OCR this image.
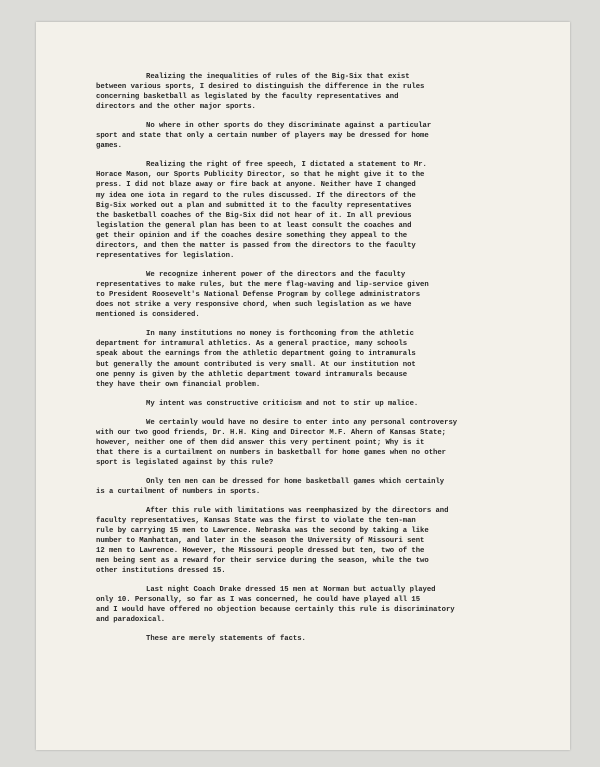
Realizing the inequalities of rules of the Big-Six that exist
between various sports, I desired to distinguish the difference in the rules
concerning basketball as legislated by the faculty representatives and
directors and the other major sports.
No where in other sports do they discriminate against a particular
sport and state that only a certain number of players may be dressed for home
games.
Realizing the right of free speech, I dictated a statement to Mr.
Horace Mason, our Sports Publicity Director, so that he might give it to the
press. I did not blaze away or fire back at anyone. Neither have I changed
my idea one iota in regard to the rules discussed. If the directors of the
Big-Six worked out a plan and submitted it to the faculty representatives
the basketball coaches of the Big-Six did not hear of it. In all previous
legislation the general plan has been to at least consult the coaches and
get their opinion and if the coaches desire something they appeal to the
directors, and then the matter is passed from the directors to the faculty
representatives for legislation.
We recognize inherent power of the directors and the faculty
representatives to make rules, but the mere flag-waving and lip-service given
to President Roosevelt's National Defense Program by college administrators
does not strike a very responsive chord, when such legislation as we have
mentioned is considered.
In many institutions no money is forthcoming from the athletic
department for intramural athletics. As a general practice, many schools
speak about the earnings from the athletic department going to intramurals
but generally the amount contributed is very small. At our institution not
one penny is given by the athletic department toward intramurals because
they have their own financial problem.
My intent was constructive criticism and not to stir up malice.
We certainly would have no desire to enter into any personal controversy
with our two good friends, Dr. H.H. King and Director M.F. Ahern of Kansas State;
however, neither one of them did answer this very pertinent point; Why is it
that there is a curtailment on numbers in basketball for home games when no other
sport is legislated against by this rule?
Only ten men can be dressed for home basketball games which certainly
is a curtailment of numbers in sports.
After this rule with limitations was reemphasized by the directors and
faculty representatives, Kansas State was the first to violate the ten-man
rule by carrying 15 men to Lawrence. Nebraska was the second by taking a like
number to Manhattan, and later in the season the University of Missouri sent
12 men to Lawrence. However, the Missouri people dressed but ten, two of the
men being sent as a reward for their service during the season, while the two
other institutions dressed 15.
Last night Coach Drake dressed 15 men at Norman but actually played
only 10. Personally, so far as I was concerned, he could have played all 15
and I would have offered no objection because certainly this rule is discriminatory
and paradoxical.
These are merely statements of facts.
